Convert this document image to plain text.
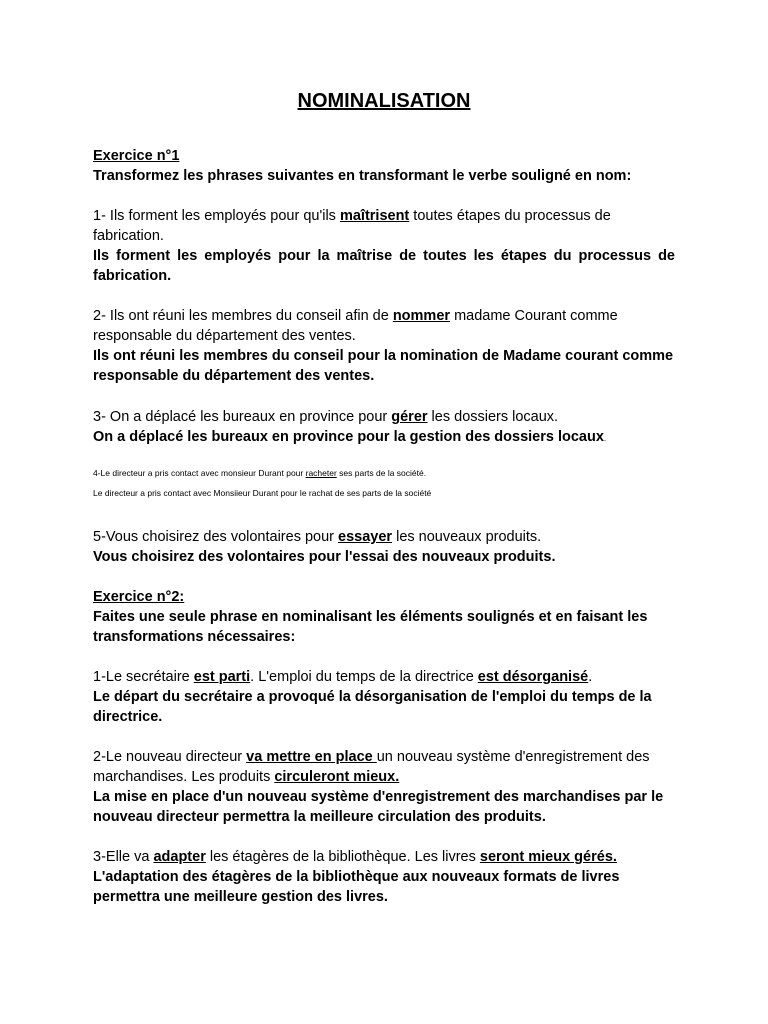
NOMINALISATION

Exercice n°1

Transformez les phrases suivantes en transformant le verbe souligné en nom:

1- Ils forment les employés pour qu'ils maîtrisent toutes étapes du processus de fabrication.

Ils forment les employés pour la maîtrise de toutes les étapes du processus de fabrication.

2- Ils ont réuni les membres du conseil afin de nommer madame Courant comme responsable du département des ventes.

Ils ont réuni les membres du conseil pour la nomination de Madame courant comme responsable du département des ventes.

3- On a déplacé les bureaux en province pour gérer les dossiers locaux.

On a déplacé les bureaux en province pour la gestion des dossiers locaux.

4-Le directeur a pris contact avec monsieur Durant pour racheter ses parts de la société.

Le directeur a pris contact avec Monsiieur Durant pour le rachat de ses parts de la société

5-Vous choisirez des volontaires pour essayer les nouveaux produits.

Vous choisirez des volontaires pour l'essai des nouveaux produits.

Exercice n°2:

Faites une seule phrase en nominalisant les éléments soulignés et en faisant les transformations nécessaires:

1-Le secrétaire est parti. L'emploi du temps de la directrice est désorganisé.

Le départ du secrétaire a provoqué la désorganisation de l'emploi du temps de la directrice.

2-Le nouveau directeur va mettre en place un nouveau système d'enregistrement des marchandises. Les produits circuleront mieux.

La mise en place d'un nouveau système d'enregistrement des marchandises par le nouveau directeur permettra la meilleure circulation des produits.

3-Elle va adapter les étagères de la bibliothèque. Les livres seront mieux gérés.

L'adaptation des étagères de la bibliothèque aux nouveaux formats de livres permettra une meilleure gestion des livres.
